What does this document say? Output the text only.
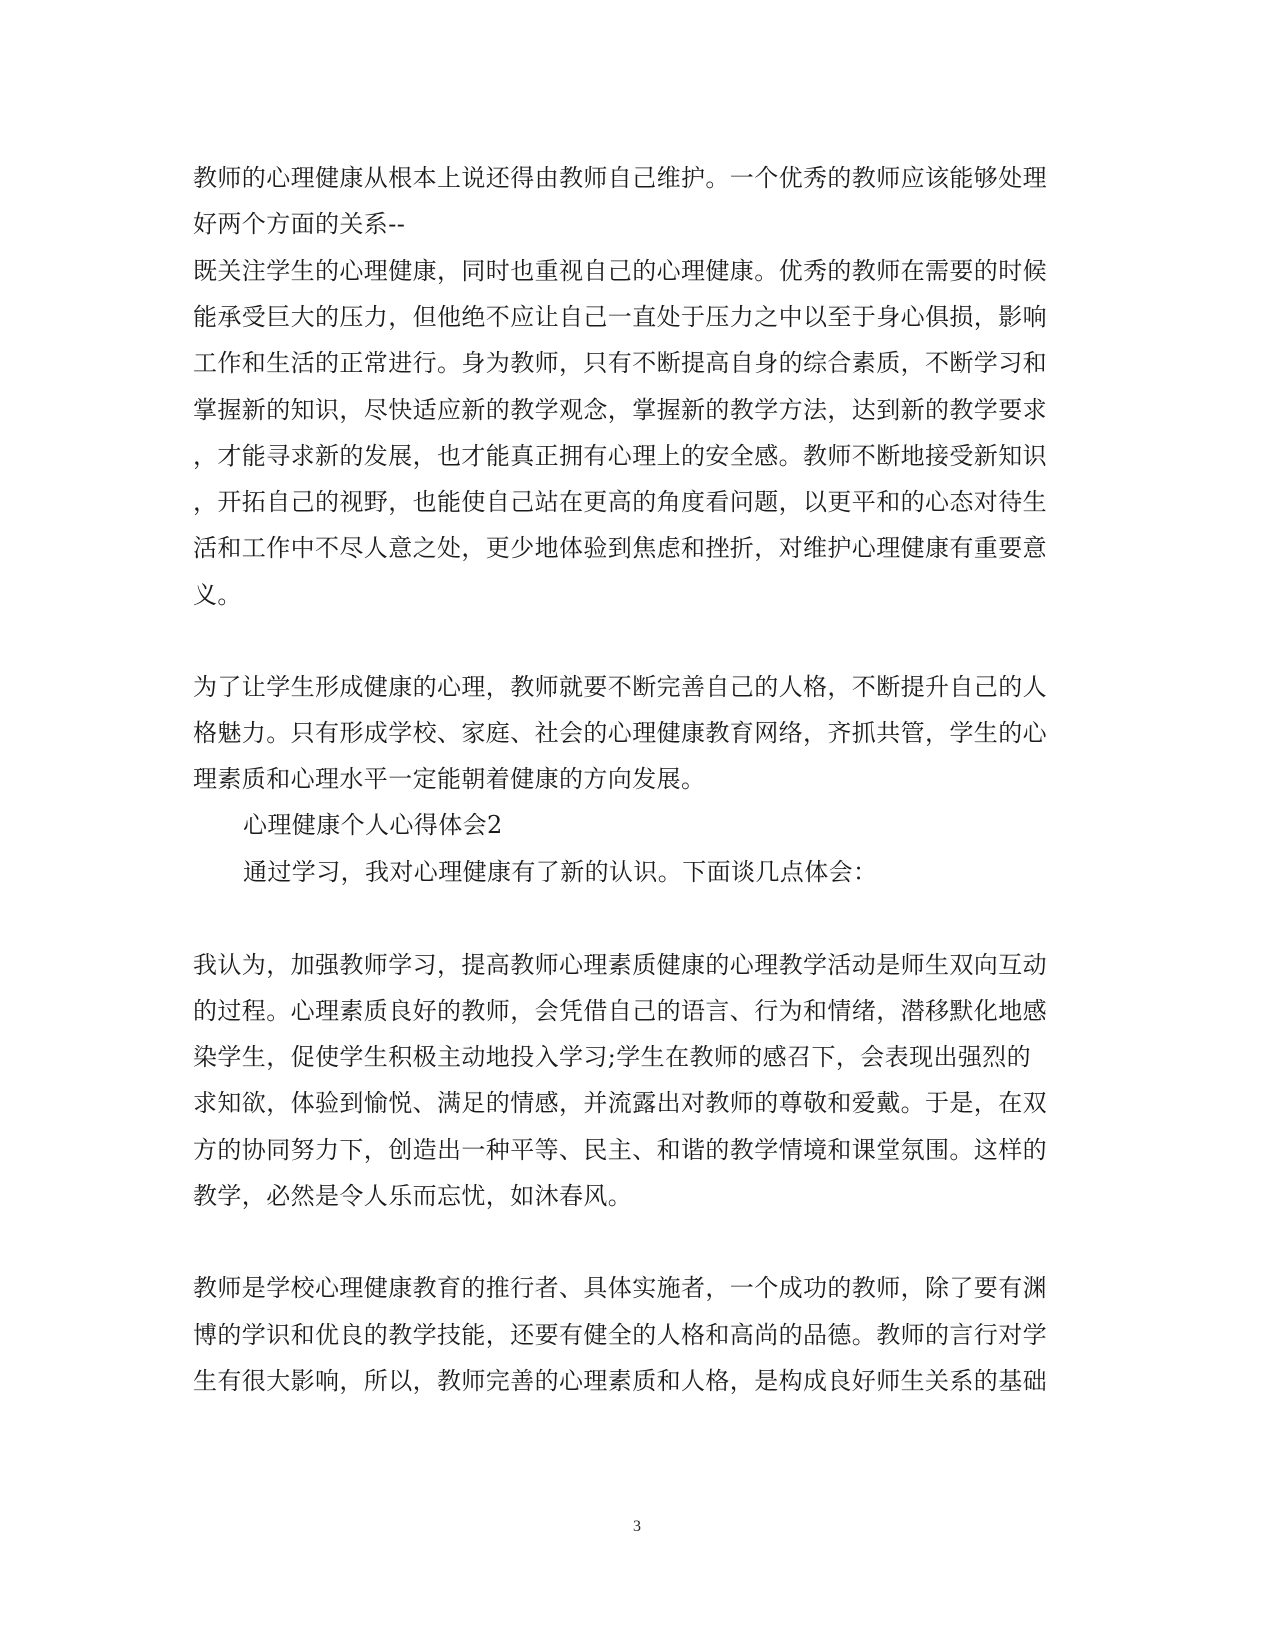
教师的心理健康从根本上说还得由教师自己维护。一个优秀的教师应该能够处理
好两个方面的关系--
既关注学生的心理健康，同时也重视自己的心理健康。优秀的教师在需要的时候
能承受巨大的压力，但他绝不应让自己一直处于压力之中以至于身心俱损，影响
工作和生活的正常进行。身为教师，只有不断提高自身的综合素质，不断学习和
掌握新的知识，尽快适应新的教学观念，掌握新的教学方法，达到新的教学要求
，才能寻求新的发展，也才能真正拥有心理上的安全感。教师不断地接受新知识
，开拓自己的视野，也能使自己站在更高的角度看问题，以更平和的心态对待生
活和工作中不尽人意之处，更少地体验到焦虑和挫折，对维护心理健康有重要意
义。
为了让学生形成健康的心理，教师就要不断完善自己的人格，不断提升自己的人
格魅力。只有形成学校、家庭、社会的心理健康教育网络，齐抓共管，学生的心
理素质和心理水平一定能朝着健康的方向发展。
心理健康个人心得体会2
通过学习，我对心理健康有了新的认识。下面谈几点体会：
我认为，加强教师学习，提高教师心理素质健康的心理教学活动是师生双向互动
的过程。心理素质良好的教师，会凭借自己的语言、行为和情绪，潜移默化地感
染学生，促使学生积极主动地投入学习;学生在教师的感召下，会表现出强烈的
求知欲，体验到愉悦、满足的情感，并流露出对教师的尊敬和爱戴。于是，在双
方的协同努力下，创造出一种平等、民主、和谐的教学情境和课堂氛围。这样的
教学，必然是令人乐而忘忧，如沐春风。
教师是学校心理健康教育的推行者、具体实施者，一个成功的教师，除了要有渊
博的学识和优良的教学技能，还要有健全的人格和高尚的品德。教师的言行对学
生有很大影响，所以，教师完善的心理素质和人格，是构成良好师生关系的基础
3
